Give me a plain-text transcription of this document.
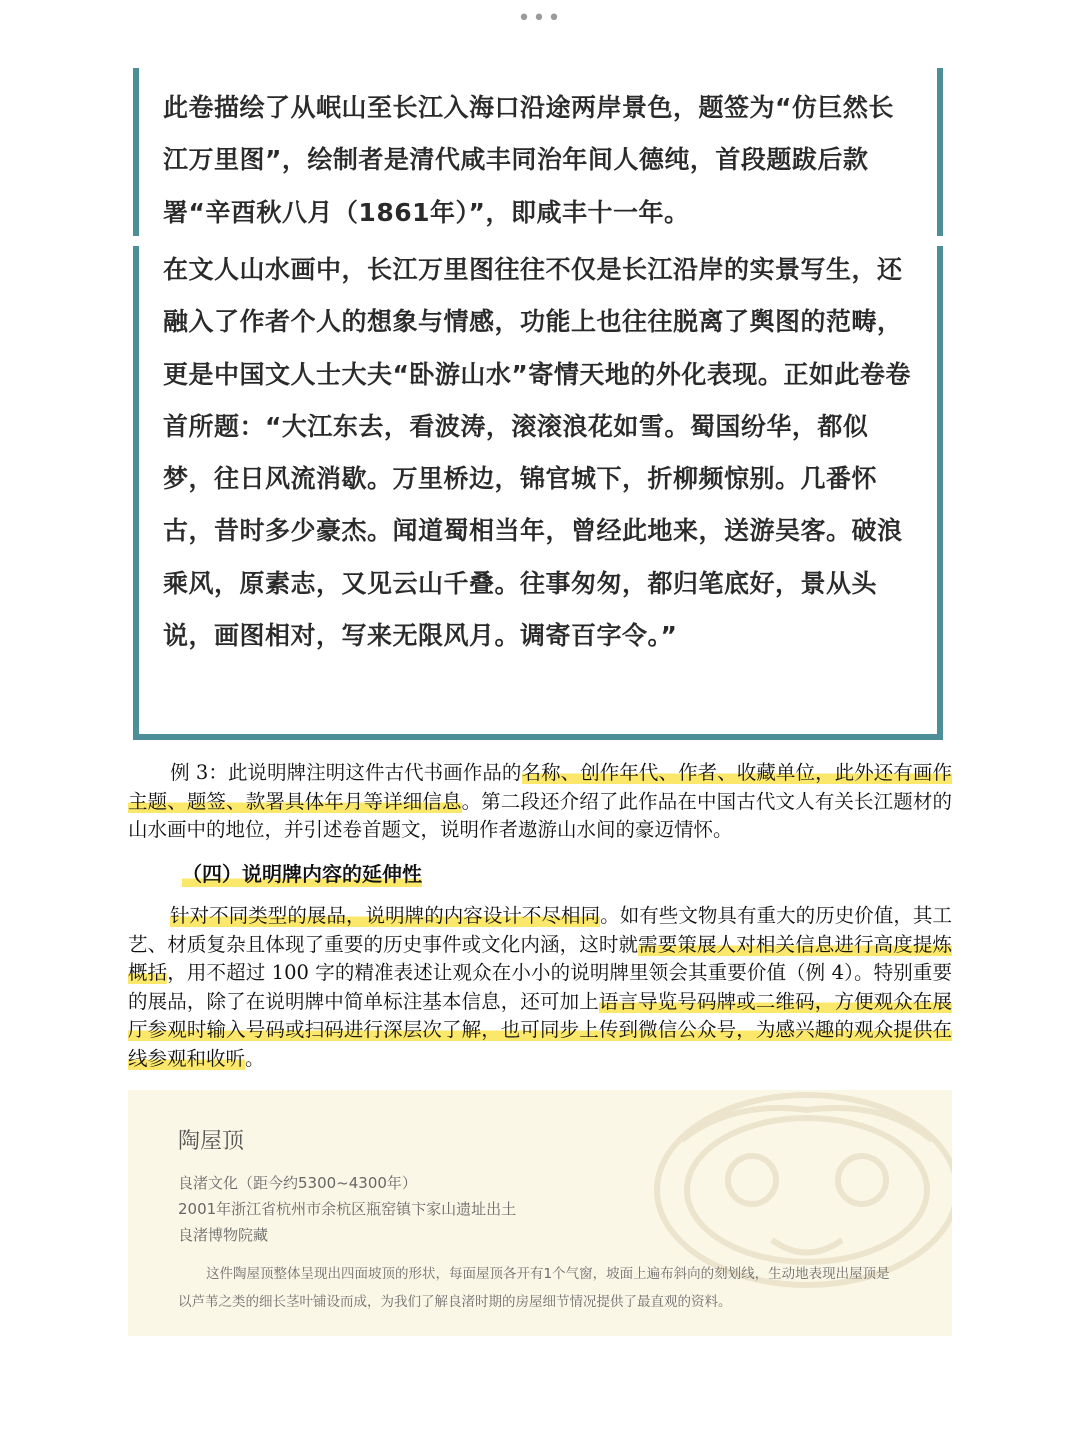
•••
此卷描绘了从岷山至长江入海口沿途两岸景色，题签为“仿巨然长江万里图”，绘制者是清代咸丰同治年间人德纯，首段题跋后款署“辛酉秋八月（1861年）”，即咸丰十一年。
在文人山水画中，长江万里图往往不仅是长江沿岸的实景写生，还融入了作者个人的想象与情感，功能上也往往脱离了舆图的范畴，更是中国文人士大夫“卧游山水”寄情天地的外化表现。正如此卷卷首所题：“大江东去，看波涛，滚滚浪花如雪。蜀国纷华，都似梦，往日风流消歇。万里桥边，锦官城下，折柳频惊别。几番怀古，昔时多少豪杰。闻道蜀相当年，曾经此地来，送游吴客。破浪乘风，原素志，又见云山千叠。往事匆匆，都归笔底好，景从头说，画图相对，写来无限风月。调寄百字令。”
例 3：此说明牌注明这件古代书画作品的名称、创作年代、作者、收藏单位，此外还有画作主题、题签、款署具体年月等详细信息。第二段还介绍了此作品在中国古代文人有关长江题材的山水画中的地位，并引述卷首题文，说明作者遨游山水间的豪迈情怀。
（四）说明牌内容的延伸性
针对不同类型的展品，说明牌的内容设计不尽相同。如有些文物具有重大的历史价值，其工艺、材质复杂且体现了重要的历史事件或文化内涵，这时就需要策展人对相关信息进行高度提炼概括，用不超过 100 字的精准表述让观众在小小的说明牌里领会其重要价值（例 4）。特别重要的展品，除了在说明牌中简单标注基本信息，还可加上语言导览号码牌或二维码，方便观众在展厅参观时输入号码或扫码进行深层次了解，也可同步上传到微信公众号，为感兴趣的观众提供在线参观和收听。
陶屋顶
良渚文化（距今约5300~4300年）
2001年浙江省杭州市余杭区瓶窑镇卞家山遗址出土
良渚博物院藏
这件陶屋顶整体呈现出四面坡顶的形状，每面屋顶各开有1个气窗，坡面上遍布斜向的刻划线，生动地表现出屋顶是以芦苇之类的细长茎叶铺设而成，为我们了解良渚时期的房屋细节情况提供了最直观的资料。
